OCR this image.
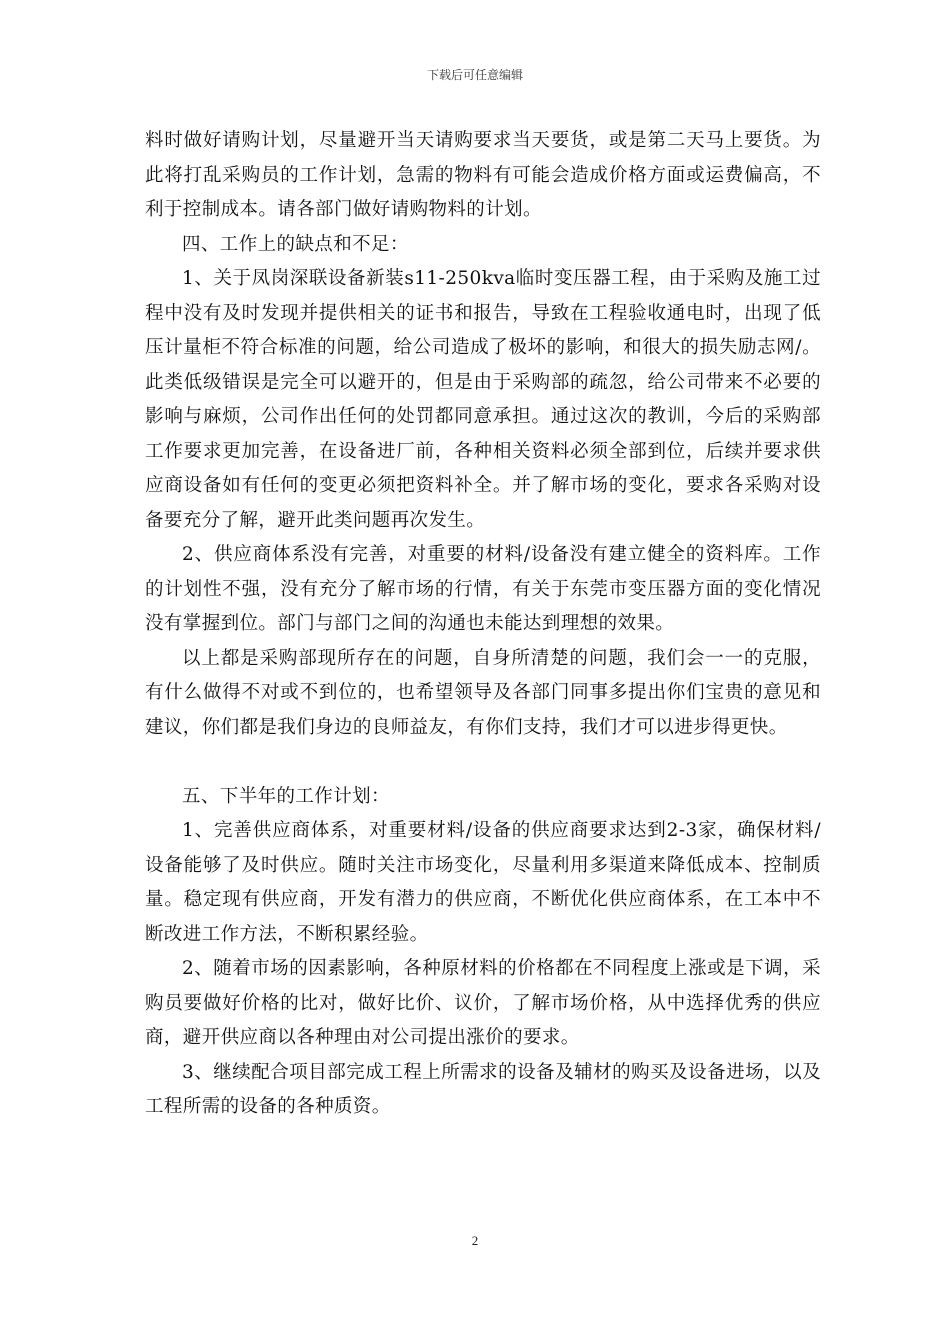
下载后可任意编辑

料时做好请购计划，尽量避开当天请购要求当天要货，或是第二天马上要货。为此将打乱采购员的工作计划，急需的物料有可能会造成价格方面或运费偏高，不利于控制成本。请各部门做好请购物料的计划。

四、工作上的缺点和不足：

1、关于凤岗深联设备新装s11-250kva临时变压器工程，由于采购及施工过程中没有及时发现并提供相关的证书和报告，导致在工程验收通电时，出现了低压计量柜不符合标准的问题，给公司造成了极坏的影响，和很大的损失励志网/。此类低级错误是完全可以避开的，但是由于采购部的疏忽，给公司带来不必要的影响与麻烦，公司作出任何的处罚都同意承担。通过这次的教训，今后的采购部工作要求更加完善，在设备进厂前，各种相关资料必须全部到位，后续并要求供应商设备如有任何的变更必须把资料补全。并了解市场的变化，要求各采购对设备要充分了解，避开此类问题再次发生。

2、供应商体系没有完善，对重要的材料/设备没有建立健全的资料库。工作的计划性不强，没有充分了解市场的行情，有关于东莞市变压器方面的变化情况没有掌握到位。部门与部门之间的沟通也未能达到理想的效果。

以上都是采购部现所存在的问题，自身所清楚的问题，我们会一一的克服，有什么做得不对或不到位的，也希望领导及各部门同事多提出你们宝贵的意见和建议，你们都是我们身边的良师益友，有你们支持，我们才可以进步得更快。

五、下半年的工作计划：

1、完善供应商体系，对重要材料/设备的供应商要求达到2-3家，确保材料/设备能够了及时供应。随时关注市场变化，尽量利用多渠道来降低成本、控制质量。稳定现有供应商，开发有潜力的供应商，不断优化供应商体系，在工本中不断改进工作方法，不断积累经验。

2、随着市场的因素影响，各种原材料的价格都在不同程度上涨或是下调，采购员要做好价格的比对，做好比价、议价，了解市场价格，从中选择优秀的供应商，避开供应商以各种理由对公司提出涨价的要求。

3、继续配合项目部完成工程上所需求的设备及辅材的购买及设备进场，以及工程所需的设备的各种质资。

2
